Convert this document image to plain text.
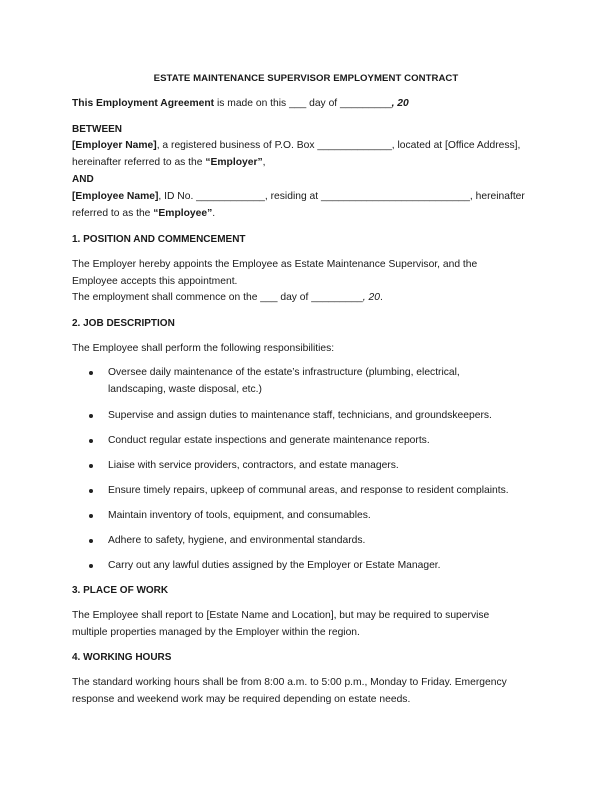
ESTATE MAINTENANCE SUPERVISOR EMPLOYMENT CONTRACT
This Employment Agreement is made on this ___ day of _________, 20
BETWEEN
[Employer Name], a registered business of P.O. Box _____________, located at [Office Address],
hereinafter referred to as the “Employer”,
AND
[Employee Name], ID No. ____________, residing at __________________________, hereinafter
referred to as the “Employee”.
1. POSITION AND COMMENCEMENT
The Employer hereby appoints the Employee as Estate Maintenance Supervisor, and the
Employee accepts this appointment.
The employment shall commence on the ___ day of _________, 20.
2. JOB DESCRIPTION
The Employee shall perform the following responsibilities:
Oversee daily maintenance of the estate’s infrastructure (plumbing, electrical,
landscaping, waste disposal, etc.)
Supervise and assign duties to maintenance staff, technicians, and groundskeepers.
Conduct regular estate inspections and generate maintenance reports.
Liaise with service providers, contractors, and estate managers.
Ensure timely repairs, upkeep of communal areas, and response to resident complaints.
Maintain inventory of tools, equipment, and consumables.
Adhere to safety, hygiene, and environmental standards.
Carry out any lawful duties assigned by the Employer or Estate Manager.
3. PLACE OF WORK
The Employee shall report to [Estate Name and Location], but may be required to supervise
multiple properties managed by the Employer within the region.
4. WORKING HOURS
The standard working hours shall be from 8:00 a.m. to 5:00 p.m., Monday to Friday. Emergency
response and weekend work may be required depending on estate needs.
